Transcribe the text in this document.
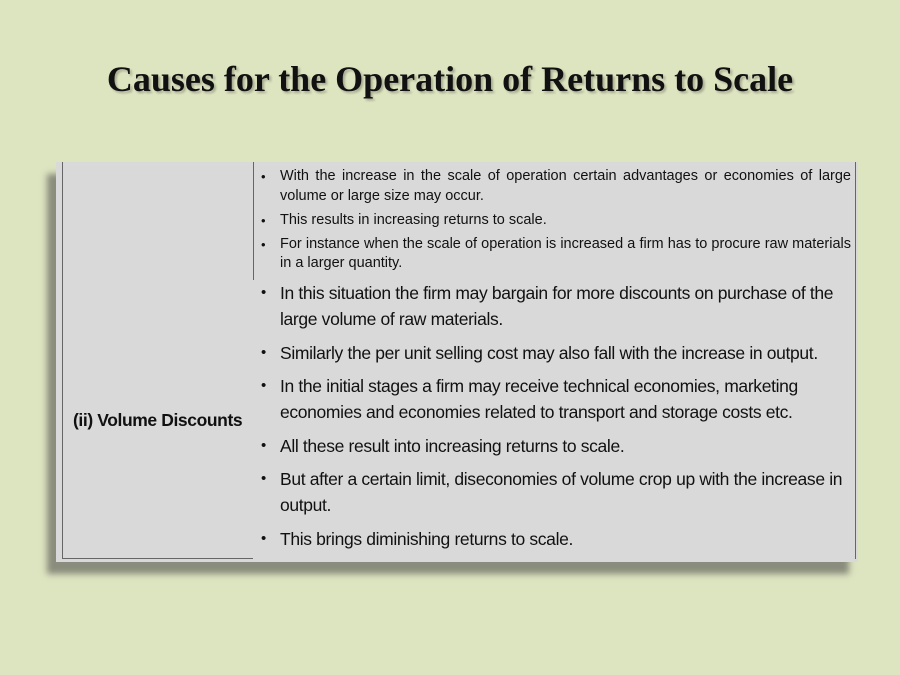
Causes for the Operation of Returns to Scale
(ii) Volume Discounts
• With the increase in the scale of operation certain advantages or economies of large volume or large size may occur.
• This results in increasing returns to scale.
• For instance when the scale of operation is increased a firm has to procure raw materials in a larger quantity.
• In this situation the firm may bargain for more discounts on purchase of the large volume of raw materials.
• Similarly the per unit selling cost may also fall with the increase in output.
• In the initial stages a firm may receive technical economies, marketing economies and economies related to transport and storage costs etc.
• All these result into increasing returns to scale.
• But after a certain limit, diseconomies of volume crop up with the increase in output.
• This brings diminishing returns to scale.
